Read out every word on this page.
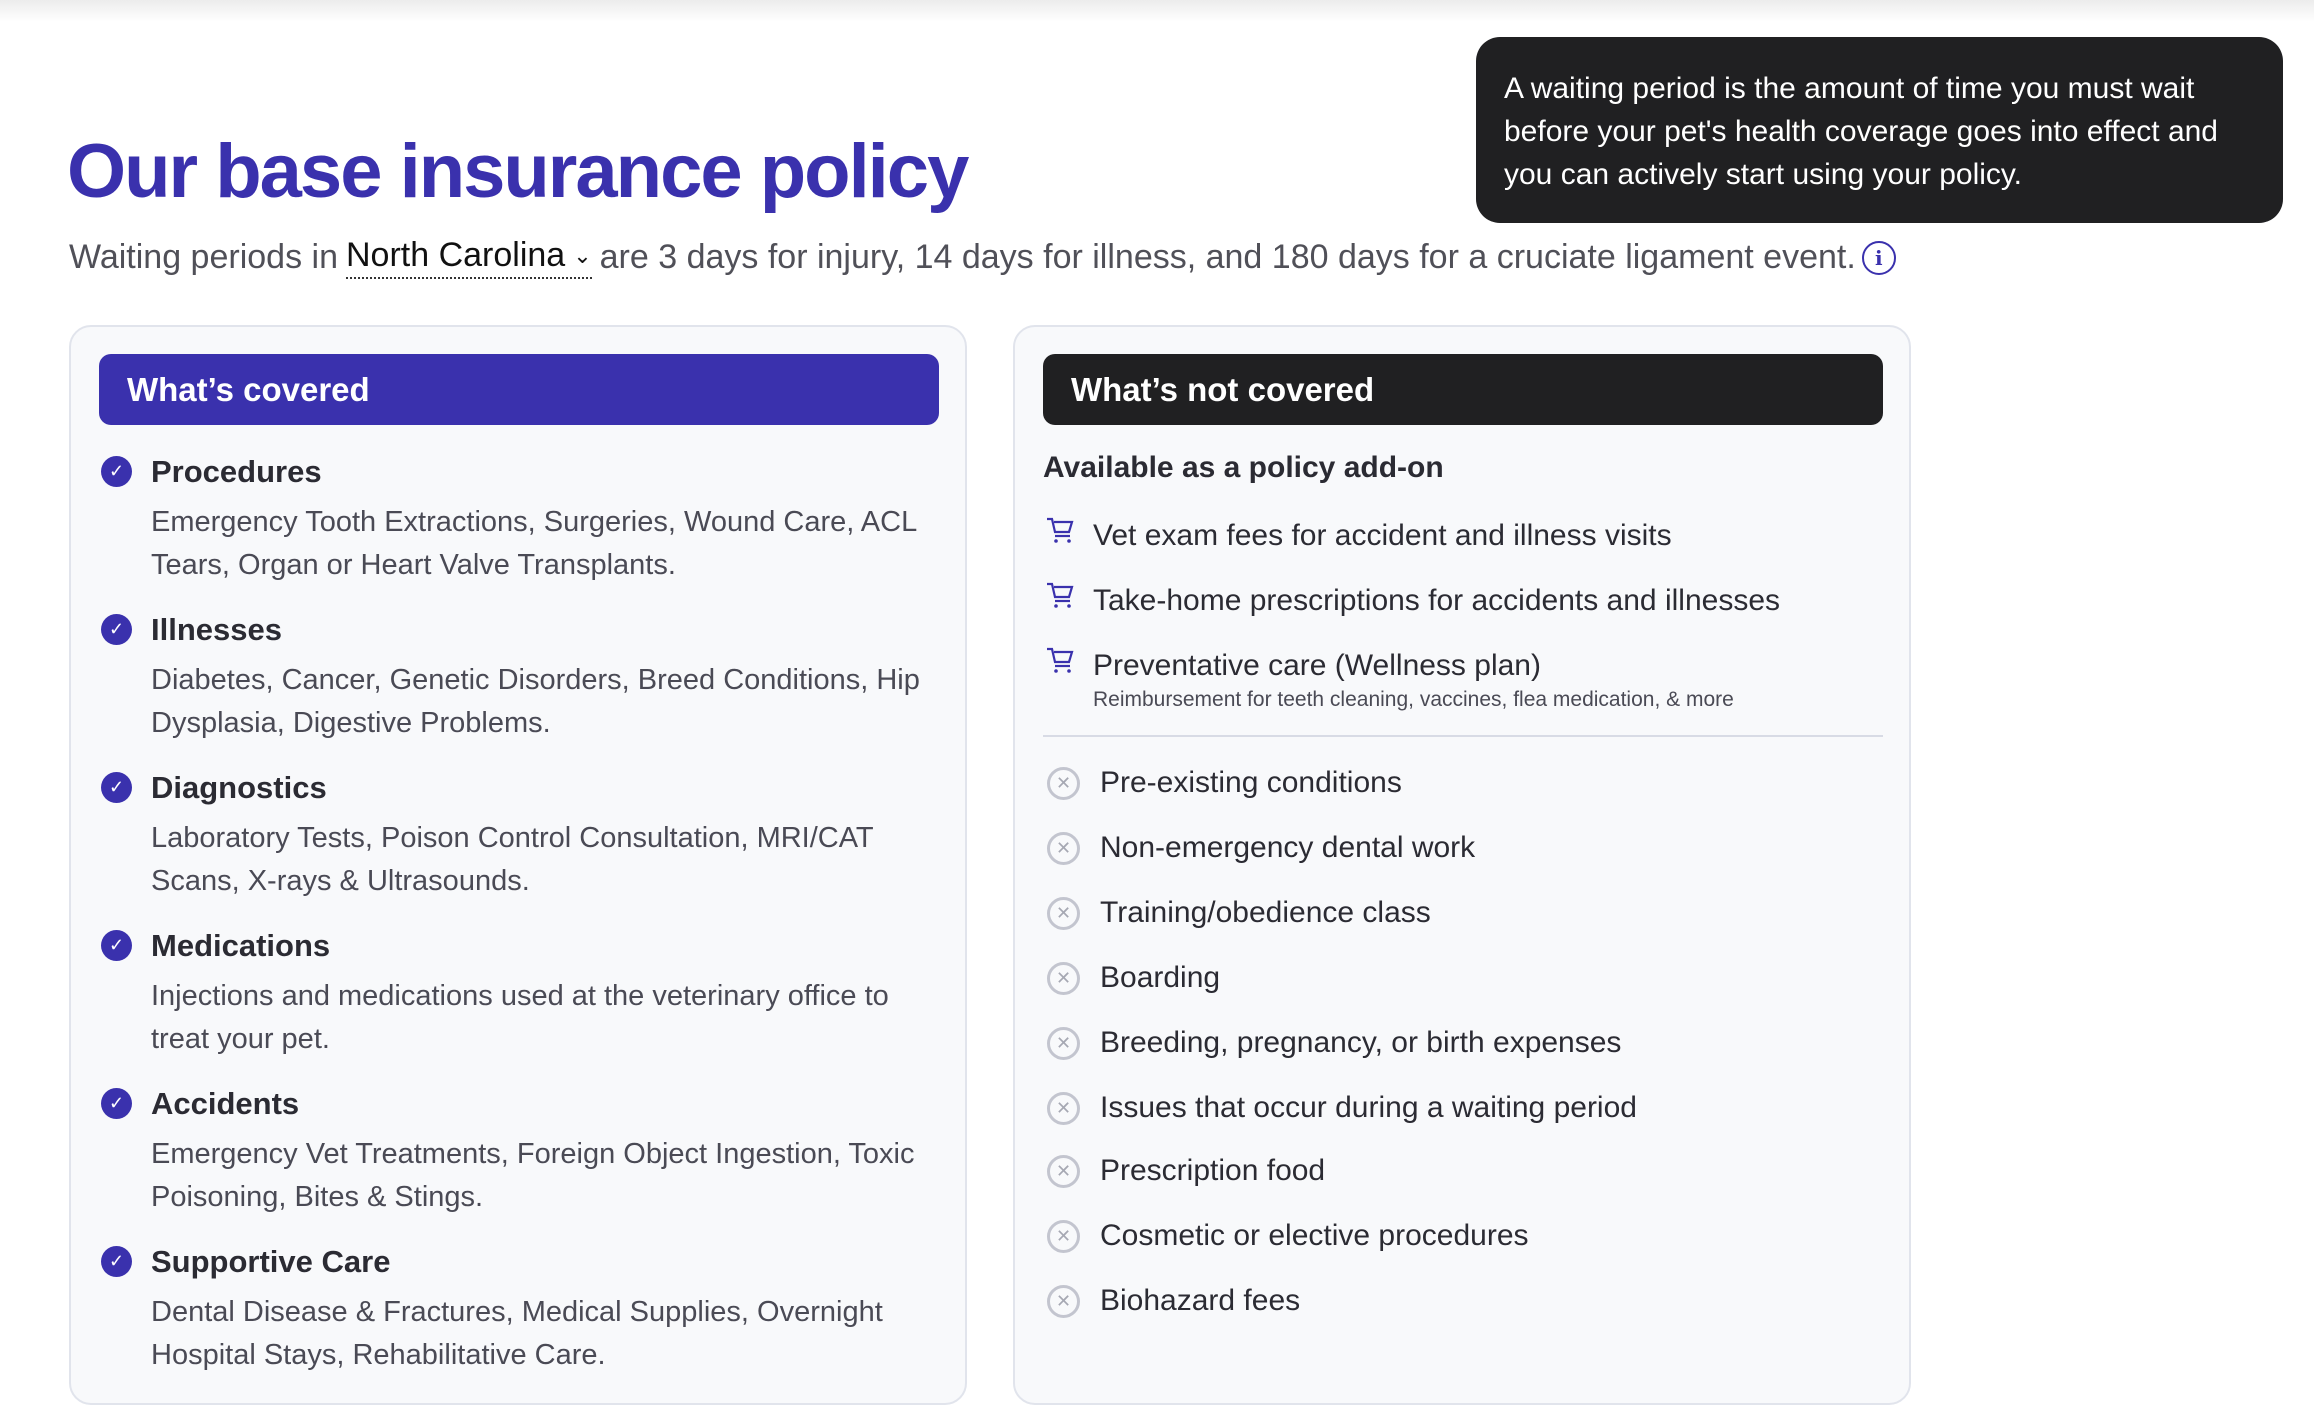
Our base insurance policy
Waiting periods in North Carolina ⌄ are 3 days for injury, 14 days for illness, and 180 days for a cruciate ligament event. i
A waiting period is the amount of time you must wait before your pet's health coverage goes into effect and you can actively start using your policy.
What’s covered
✓ Procedures
Emergency Tooth Extractions, Surgeries, Wound Care, ACL Tears, Organ or Heart Valve Transplants.
✓ Illnesses
Diabetes, Cancer, Genetic Disorders, Breed Conditions, Hip Dysplasia, Digestive Problems.
✓ Diagnostics
Laboratory Tests, Poison Control Consultation, MRI/CAT Scans, X-rays & Ultrasounds.
✓ Medications
Injections and medications used at the veterinary office to treat your pet.
✓ Accidents
Emergency Vet Treatments, Foreign Object Ingestion, Toxic Poisoning, Bites & Stings.
✓ Supportive Care
Dental Disease & Fractures, Medical Supplies, Overnight Hospital Stays, Rehabilitative Care.
What’s not covered
Available as a policy add-on
Vet exam fees for accident and illness visits
Take-home prescriptions for accidents and illnesses
Preventative care (Wellness plan)
Reimbursement for teeth cleaning, vaccines, flea medication, & more
✕ Pre-existing conditions
✕ Non-emergency dental work
✕ Training/obedience class
✕ Boarding
✕ Breeding, pregnancy, or birth expenses
✕ Issues that occur during a waiting period
✕ Prescription food
✕ Cosmetic or elective procedures
✕ Biohazard fees
